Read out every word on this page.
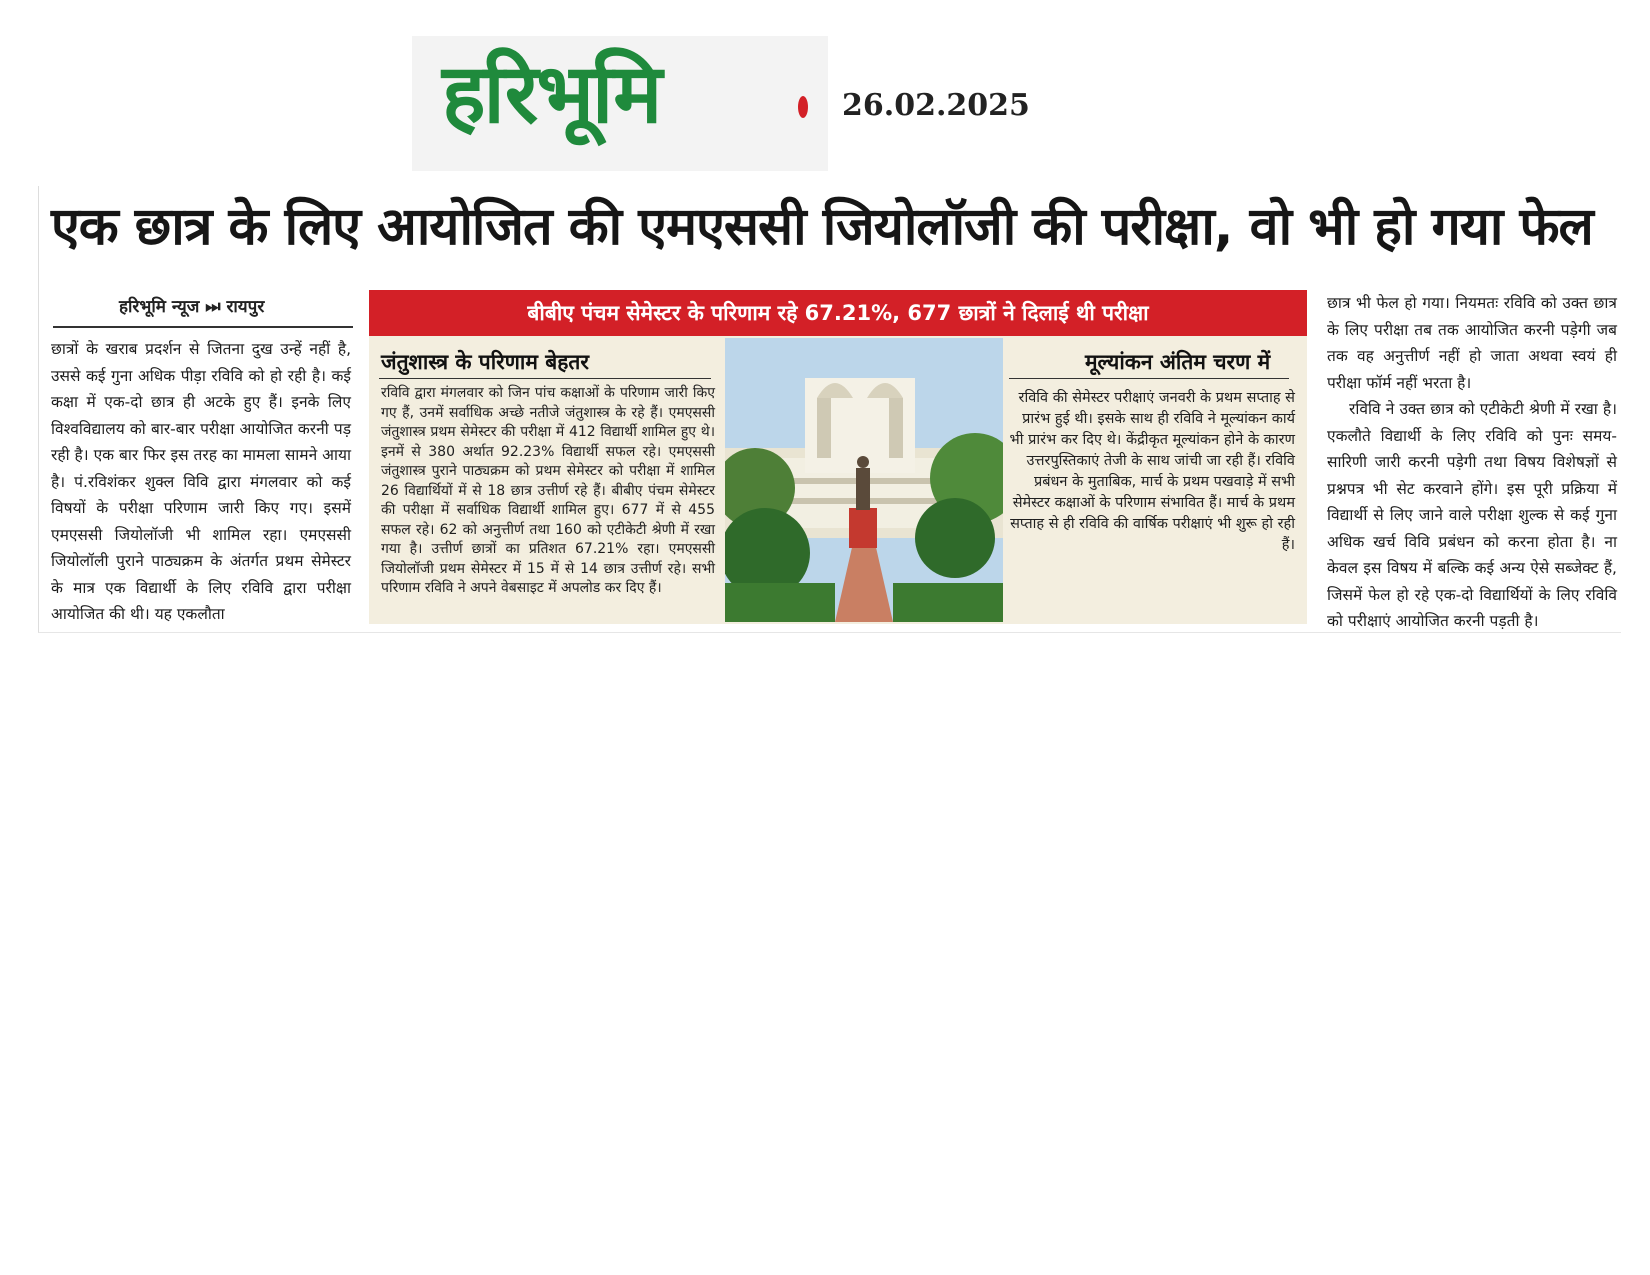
हरिभूमि	26.02.2025
एक छात्र के लिए आयोजित की एमएससी जियोलॉजी की परीक्षा, वो भी हो गया फेल
हरिभूमि न्यूज ⏭ रायपुर
छात्रों के खराब प्रदर्शन से जितना दुख उन्हें नहीं है, उससे कई गुना अधिक पीड़ा रविवि को हो रही है। कई कक्षा में एक-दो छात्र ही अटके हुए हैं। इनके लिए विश्वविद्यालय को बार-बार परीक्षा आयोजित करनी पड़ रही है। एक बार फिर इस तरह का मामला सामने आया है। पं.रविशंकर शुक्ल विवि द्वारा मंगलवार को कई विषयों के परीक्षा परिणाम जारी किए गए। इसमें एमएससी जियोलॉजी भी शामिल रहा। एमएससी जियोलॉली पुराने पाठ्यक्रम के अंतर्गत प्रथम सेमेस्टर के मात्र एक विद्यार्थी के लिए रविवि द्वारा परीक्षा आयोजित की थी। यह एकलौता
बीबीए पंचम सेमेस्टर के परिणाम रहे 67.21%, 677 छात्रों ने दिलाई थी परीक्षा
जंतुशास्त्र के परिणाम बेहतर
रविवि द्वारा मंगलवार को जिन पांच कक्षाओं के परिणाम जारी किए गए हैं, उनमें सर्वाधिक अच्छे नतीजे जंतुशास्त्र के रहे हैं। एमएससी जंतुशास्त्र प्रथम सेमेस्टर की परीक्षा में 412 विद्यार्थी शामिल हुए थे। इनमें से 380 अर्थात 92.23% विद्यार्थी सफल रहे। एमएससी जंतुशास्त्र पुराने पाठ्यक्रम को प्रथम सेमेस्टर को परीक्षा में शामिल 26 विद्यार्थियों में से 18 छात्र उत्तीर्ण रहे हैं। बीबीए पंचम सेमेस्टर की परीक्षा में सर्वाधिक विद्यार्थी शामिल हुए। 677 में से 455 सफल रहे। 62 को अनुत्तीर्ण तथा 160 को एटीकेटी श्रेणी में रखा गया है। उत्तीर्ण छात्रों का प्रतिशत 67.21% रहा। एमएससी जियोलॉजी प्रथम सेमेस्टर में 15 में से 14 छात्र उत्तीर्ण रहे। सभी परिणाम रविवि ने अपने वेबसाइट में अपलोड कर दिए हैं।
मूल्यांकन अंतिम चरण में
रविवि की सेमेस्टर परीक्षाएं जनवरी के प्रथम सप्ताह से प्रारंभ हुई थी। इसके साथ ही रविवि ने मूल्यांकन कार्य भी प्रारंभ कर दिए थे। केंद्रीकृत मूल्यांकन होने के कारण उत्तरपुस्तिकाएं तेजी के साथ जांची जा रही हैं। रविवि प्रबंधन के मुताबिक, मार्च के प्रथम पखवाड़े में सभी सेमेस्टर कक्षाओं के परिणाम संभावित हैं। मार्च के प्रथम सप्ताह से ही रविवि की वार्षिक परीक्षाएं भी शुरू हो रही हैं।

छात्र भी फेल हो गया। नियमतः रविवि को उक्त छात्र के लिए परीक्षा तब तक आयोजित करनी पड़ेगी जब तक वह अनुत्तीर्ण नहीं हो जाता अथवा स्वयं ही परीक्षा फॉर्म नहीं भरता है।

रविवि ने उक्त छात्र को एटीकेटी श्रेणी में रखा है। एकलौते विद्यार्थी के लिए रविवि को पुनः समय-सारिणी जारी करनी पड़ेगी तथा विषय विशेषज्ञों से प्रश्नपत्र भी सेट करवाने होंगे। इस पूरी प्रक्रिया में विद्यार्थी से लिए जाने वाले परीक्षा शुल्क से कई गुना अधिक खर्च विवि प्रबंधन को करना होता है। ना केवल इस विषय में बल्कि कई अन्य ऐसे सब्जेक्ट हैं, जिसमें फेल हो रहे एक-दो विद्यार्थियों के लिए रविवि को परीक्षाएं आयोजित करनी पड़ती है।
